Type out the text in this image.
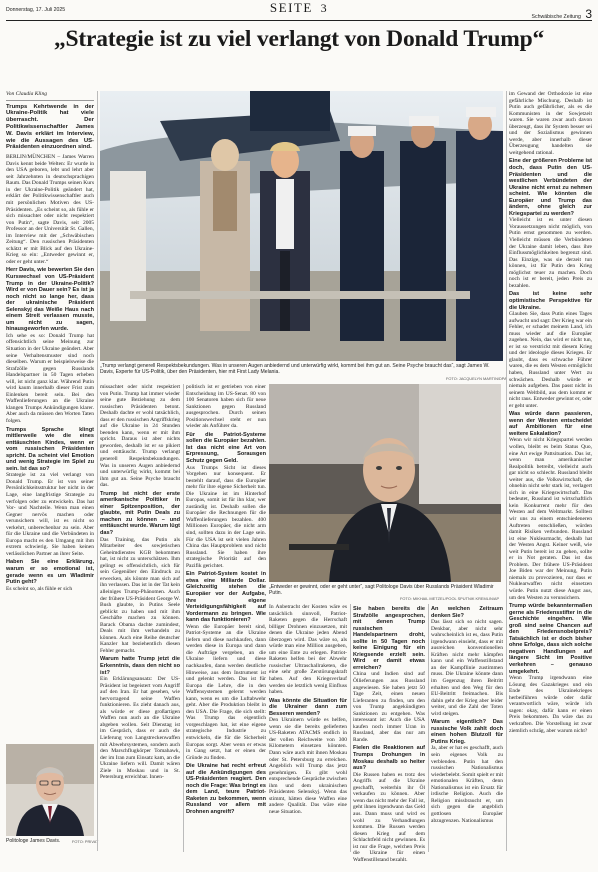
Donnerstag, 17. Juli 2025	SEITE 3
Schwäbische Zeitung 3
„Strategie ist zu viel verlangt von Donald Trump“
Von Claudia Kling

Trumps Kehrtwende in der Ukraine-Politik hat viele überrascht. Der Politikwissenschaftler James W. Davis erklärt im Interview, wie die Aussagen des US-Präsidenten einzuordnen sind.

BERLIN/MÜNCHEN – James Warren Davis kennt beide Welten: Er wurde in den USA geboren, lebt und lehrt aber seit Jahrzehnten in deutschsprachigen Raum. Das Donald Trumps seinen Kurs in der Ukraine-Politik geändert hat, erklärt der Politikwissenschaftler auch mit persönlichen Motiven des US-Präsidenten. „Es scheint so, als fühle er sich missachtet oder nicht respektiert von Putin“, sagte Davis, seit 2005 Professor an der Universität St. Gallen, im Interview mit der „Schwäbischen Zeitung“. Den russischen Präsidenten schätzt er mit Blick auf den Ukraine-Krieg so ein: „Entweder gewinnt er, oder er geht unter.“

Herr Davis, wie bewerten Sie den Kurswechsel von US-Präsident Trump in der Ukraine-Politik? Wird er von Dauer sein? Es ist ja noch nicht so lange her, dass der ukrainische Präsident Selenskyj das Weiße Haus nach einem Streit verlassen musste, um nicht zu sagen, hinausgeworfen wurde.

Ich sehe es so: Donald Trump hat offensichtlich seine Meinung zur Situation in der Ukraine geändert. Aber seine Verhaltensmuster sind noch dieselben. Warum er beispielsweise die Strafzölle gegen Russlands Handelspartner in 50 Tagen erheben will, ist nicht ganz klar. Während Putin wird kaum innerhalb dieser Frist zum Einlenken bereit sein. Bei den Waffenlieferungen an die Ukraine klangen Trumps Ankündigungen klarer. Aber auch da müssen den Worten Taten folgen.

Trumps Sprache klingt mittlerweile wie die eines enttäuschten Kindes, wenn er vom russischen Präsidenten spricht. Da scheint viel Emotion und wenig Strategie im Spiel zu sein. Ist das so?

Strategie ist zu viel verlangt von Donald Trump. Er ist von seiner Persönlichkeitsstruktur her nicht in der Lage, eine langfristige Strategie zu verfolgen oder zu entwickeln. Das hat Vor- und Nachteile. Wenn man einen Gegner nervös machen oder verunsichern will, ist es nicht so verkehrt, unberechenbar zu sein. Aber für die Ukraine und die Verbündeten in Europa macht es den Umgang mit ihm extrem schwierig. Sie haben keinen verlässlichen Partner an ihrer Seite.

Haben Sie eine Erklärung, warum er so emotional ist, gerade wenn es um Wladimir Putin geht?

Es scheint so, als fühle er sich

Politologe James Davis.	FOTO: PRIVAT
„Trump verlangt generell Respektsbekundungen. Was in unseren Augen anbiedernd und unterwürfig wirkt, kommt bei ihm gut an. Seine Psyche braucht das“, sagt James W. Davis, Experte für US-Politik, über den Präsidenten, hier mit First Lady Melania.
FOTO: JACQUELYN MARTIN/DPA

missachtet oder nicht respektiert von Putin. Trump hat immer wieder seine gute Beziehung zu dem russischen Präsidenten betont. Deshalb dachte er wohl tatsächlich, dass er den russischen Angriffskrieg auf die Ukraine in 24 Stunden beenden kann, wenn er mit ihm spricht. Daraus ist aber nichts geworden, deshalb ist er so pikiert und enttäuscht. Trump verlangt generell Respektsbekundungen. Was in unseren Augen anbiedernd und unterwürfig wirkt, kommt bei ihm gut an. Seine Psyche braucht das.

Trump ist nicht der erste amerikanische Politiker in einer Spitzenposition, der glaubte, mit Putin Deals zu machen zu können – und enttäuscht wurde. Warum lügt das?

Das Training, das Putin als Mitarbeiter des sowjetischen Geheimdienstes KGB bekommen hat, ist nicht zu unterschätzen. Ihm gelingt es offensichtlich, sich für sein Gegenüber den Eindruck zu erwecken, als könnte man sich auf ihn verlassen. Das ist in der Tat kein alleiniges Trump-Phänomen. Auch der frühere US-Präsident George W. Bush glaubte, in Putins Seele geblickt zu haben und mit ihm Geschäfte machen zu können. Barack Obama dachte zumindest, Deals mit ihm verhandeln zu können. Auch eine Reihe deutscher Kanzler hat beziehentlich diesen Fehler gemacht.

Warum hatte Trump jetzt die Erkenntnis, dass den nicht so ist?

Ein Erklärungsansatz: Der US-Präsident ist begeistert vom Angriff auf den Iran. Er hat gesehen, wie hervorragend seine Waffen funktionieren. Es zieht danach aus, als würde er diese großartigen Waffen nun auch an die Ukraine abgeben wollen. Seit Dienstag ist im Gespräch, dass er auch die Lieferung von Langstreckenwaffen mit Abwehrsystemen, sondern auch den Marschflugkörper Tomahawk, der im Iran zum Einsatz kam, an die Ukraine liefern will. Damit wären Ziele in Moskau und in St. Petersburg erreichbar. Innen-

politisch ist er getrieben von einer Entscheidung im US-Senat. 80 von 100 Senatoren haben sich für neue Sanktionen gegen Russland ausgesprochen. Durch seinen Positionswechsel steht er nun wieder als Anführer da.

Für die Patriot-Systeme sollen die Europäer bezahlen. Ist das nicht eine Art von Erpressung, Sorausgen Schutz gegen Geld.

Aus Trumps Sicht ist dieses Vorgehen nur konsequent. Er bestehlt darauf, dass die Europäer mehr für ihre eigene Sicherheit tun. Die Ukraine ist im Hinterhof Europas, somit ist für ihn klar, wer zuständig ist. Deshalb sollen die Europäer die Rechnungen für die Waffenlieferungen bezahlen. 400 Millionen Europäer, die nicht arm sind, sollten dazu in der Lage sein. Für die USA ist seit vielen Jahren China das Hauptproblem und nicht Russland. Sie haben ihre strategische Priorität auf den Pazifik gerichtet.

Ein Patriot-System kostet in etwa eine Milliarde Dollar. Gleichzeitig stehen die Europäer vor der Aufgabe, ihre eigene Verteidigungsfähigkeit auf Vordermann zu bringen. Wie kann das funktionieren?

Wenn die Europäer bereit sind, Patriot-Systeme an die Ukraine liefern und diese nachkaufen, dann werden diese in Europa und dann die Aufträge vergeben, an die Ukraine liefern und diese nachkaufen, dann werden deutliche Hinweise, aus dem Instrument ist und gelenkt werden. Das ist für Europa die Lehre, die in den Waffensystemen gelernt werden kann, wenn es um die Luftabwehr geht. Aber die Produktion bleibt in den USA. Die Frage, die sich stellt: Was Trump das eigentlich vorgeschlagen hat, ist eine eigene strategische Industrie zu entwickeln, die für die Sicherheit Europas sorgt. Aber wenn er etwas in Gang setzt, hat er einen der Gründe zu finden.

Die Ukraine hat recht erfreut auf die Ankündigungen des US-Präsidenten reagiert. Den noch die Frage: Was bringt es dem Land, teure Patriot-Raketen zu bekommen, wenn Russland vor allem mit Drohnen angreift?

„Entweder er gewinnt, oder er geht unter“, sagt Politologe Davis über Russlands Präsident Wladimir Putin.
FOTO: MIKHAIL METZEL/POOL SPUTNIK KREMLIN/AP

In Anbetracht der Kosten wäre es tatsächlich sinnvoll, Patriot-Raketen gegen die Herrschaft billiger Drohnen einzusetzen, mit denen die Ukraine jeden Abend überzogen wird. Das wäre so, als würde man eine Million ausgeben, um eine Ente zu erlegen. Patriot-Raketen helfen bei der Abwehr russischer Ultraschallraketen, die eine sehr große Zerstörungskraft haben. Auf den Kriegsverlauf werden sie letztlich wenig Einfluss haben.

Was könnte die Situation für die Ukrainer dann zum Besseren wenden?

Den Ukrainern würde es helfen, wenn sie die bereits gelieferten US-Raketen ATACMS endlich in der vollen Reichweite von 300 Kilometern einsetzen könnten. Dann wäre auch mit ihnen Moskau oder St. Petersburg zu erreichen. Angeblich will Trump das jetzt genehmigen. Es gibt wohl entsprechende Gespräche zwischen ihm und dem ukrainischen Präsidenten Selenskyj. Wenn das stimmt, hätten diese Waffen eine andere Qualität. Das wäre eine neue Situation.

Sie haben bereits die Strafzölle angesprochen, mit denen Trump russischen Handelspartnern droht, sollte in 50 Tagen noch keine Einigung für ein Kriegsende erzielt sein. Wird er damit etwas erreichen?

China und Indien sind auf Öllieferungen aus Russland angewiesen. Sie haben jetzt 50 Tage Zeit, einen neuen Lieferanten zu finden, um den von Trump angekündigten Sanktionen zu entgehen. Was interessant ist: Auch die USA kaufen noch immer Uran in Russland, aber das nur am Rande.

Fielen die Reaktionen auf Trumps Drohungen in Moskau deshalb so heiter aus?

Die Russen haben es trotz des Angriffs auf die Ukraine geschafft, weiterhin ihr Öl verkaufen zu können. Aber wenn das nicht mehr der Fall ist, geht ihnen irgendwann das Geld aus. Dann muss und wird es wohl zu Verhandlungen kommen. Die Russen werden diesen Krieg auf dem Schlachtfeld nicht gewinnen. Es ist nur die Frage, welchen Preis die Ukraine für einen Waffenstillstand bezahlt.

An welchen Zeitraum denken Sie?

Das lässt sich so nicht sagen. Denkbar, aber nicht sehr wahrscheinlich ist es, dass Putin irgendwann einsieht, dass er mit ausreichen konventionellen Kräften nicht mehr kämpfen kann und ein Waffenstillstand an der Kampflinie zustimmen muss. Die Ukraine könnte dann im Gegenzug ihren Beitritt erhalten und den Weg für den EU-Beitritt freimachen. Bis dahin geht der Krieg aber leider weiter, und die Zahl der Toten wird steigen.

Warum eigentlich? Das russische Volk zahlt doch einen hohen Blutzoll für Putins Krieg.

Ja, aber er hat es geschafft, auch sein eigenes Volk zu verblenden. Putin hat den russischen Nationalismus wiederbelebt. Somit spielt er mit emotionalen Kräften, denn Nationalismus ist ein Ersatz für irdische Religion. Auch die Religion missbraucht er, um sich gegen die angeblich gottlosen Europäer abzugrenzen. Nationalismus

im Gewand der Orthodoxie ist eine gefährliche Mischung. Deshalb ist Putin auch gefährlicher, als es die Kommunisten in der Sowjetzeit waren. Sie waren zwar auch davon überzeugt, dass ihr System besser sei und der Sozialismus gewinnen werde, aber innerhalb dieser Überzeugung handelten sie weitgehend rational.

Eine der größeren Probleme ist doch, dass Putin den US-Präsidenten und die westlichen Verbündeten der Ukraine nicht ernst zu nehmen scheint. Wie könnten die Europäer und Trump das ändern, ohne gleich zur Kriegspartei zu werden?

Vielleicht ist es unter diesen Voraussetzungen nicht möglich, von Putin ernst genommen zu werden. Vielleicht müssen die Verbündeten der Ukraine damit leben, dass ihre Einflussmöglichkeiten begrenzt sind. Das Einzige, was sie derzeit tun können, ist für Putin den Krieg möglichst teuer zu machen. Doch noch ist er bereit, jeden Preis zu bezahlen.

Das ist keine sehr optimistische Perspektive für die Ukraine.

Glauben Sie, dass Putin eines Tages aufwacht und sagt: Der Krieg war ein Fehler, er schadet meinem Land, ich muss wieder auf die Europäer zugehen. Nein, das wird er nicht tun, er ist so verstrickt mit diesem Krieg und der ideologie dieses Krieges. Er glaubt, dass es schwache Führer waren, die es dem Westen ermöglicht haben, Russland unter Wert zu schwächen. Deshalb würde er niemals aufgeben. Das passt nicht in seinem Weltbild, aus dem kommt er nicht raus. Entweder gewinnt er, oder er geht unter.

Was würde dann passieren, wenn der Westen entscheidet auf Ambitionen für eine weitere Eskalation?

Wenn wir nicht Kriegspartei werden wollen, bleibt es beim Status Quo, eine Art ewige Pattsituation. Das ist, wenn man amerikanischer Realpolitik betreibt, vielleicht auch gar nicht so schlecht. Russland bleibt weiter aus, die Volkswirtschaft, die ohnehin nicht sehr stark ist, verlagert sich in eine Kriegswirtschaft. Das bedeutet, Russland ist wirtschaftlich kein Konkurrent mehr für den Westen auf dem Weltmarkt. Solltest wir uns zu einem entschiedeneren Auftreten entschließen, würden damit Risiken verbunden. Russland ist eine Nuklearmacht, deshalb hat der Westen Angst. Keiner weiß, wie weit Putin bereit ist zu gehen, sollte er in Not geraten. Das ist das Problem. Der frühere US-Präsident Joe Biden war der Meinung, Putin niemals zu provozieren, nur dass er Nuklearwaffen nicht einsetzen würde. Putin nutzt diese Angst aus, um den Westen zu verunsichern.

Trump würde bekanntermaßen gerne als Friedensstifter in die Geschichte eingehen. Wie groß sind seine Chancen auf den Friedensnobelpreis? Tatsächlich ist er doch bisher ohne Erfolge, dass sich solche negativen Handlungen auf längere Sicht im Positive verkehren – genauso umgekehrt.

Wenn Trump irgendwann eine Lösung des Gazakrieges und ein Ende des Ukrainekrieges herbeiführen würde oder dafür verantwortlich wäre, würde ich sagen: okay, dafür kann er einen Preis bekommen. Da wäre das zu verkraften. Die Vorstellung ist zwar ziemlich schräg, aber warum nicht?
